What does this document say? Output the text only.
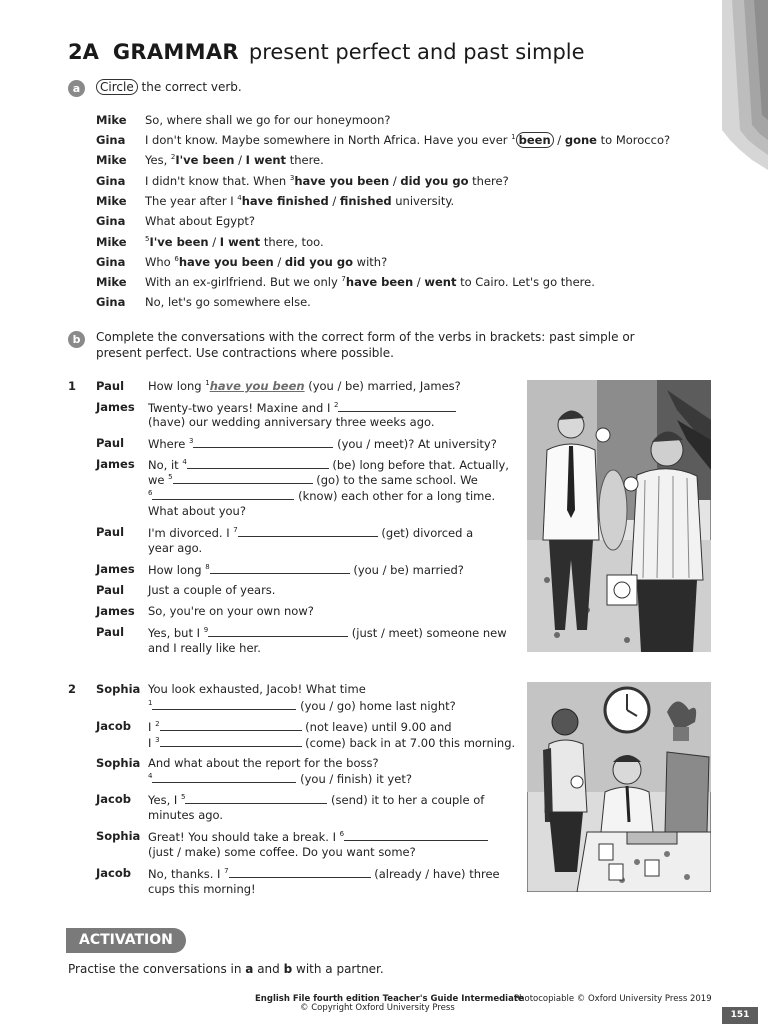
2A GRAMMAR present perfect and past simple
a	Circle the correct verb.
Mike So, where shall we go for our honeymoon?
Gina I don't know. Maybe somewhere in North Africa. Have you ever $^1$ been / gone to Morocco?
Mike Yes, $^2$I've been / I went there.
Gina I didn't know that. When $^3$have you been / did you go there?
Mike The year after I $^4$have finished / finished university.
Gina What about Egypt?
Mike	$^5$I've been / I went there, too.
Gina Who $^6$have you been / did you go with?
Mike With an ex-girlfriend. But we only $^7$have been / went to Cairo. Let's go there.
Gina No, let's go somewhere else.
b	Complete the conversations with the correct form of the verbs in brackets: past simple or
present perfect. Use contractions where possible.
1 Paul How long $^1$have you been (you / be) married, James?
James Twenty-two years! Maxine and I $^2$
(have) our wedding anniversary three weeks ago.
Paul Where $^3$	(you / meet)? At university?
James No, it $^4$	(be) long before that. Actually,
we $^5$	(go) to the same school. We
$^6$	(know) each other for a long time.
What about you?
Paul I'm divorced. I $^7$	(get) divorced a
year ago.
James How long $^8$	(you / be) married?
Paul Just a couple of years.
James So, you're on your own now?
Paul Yes, but I $^9$	(just / meet) someone new
and I really like her.
2 Sophia You look exhausted, Jacob! What time
$^1$	(you / go) home last night?
Jacob I $^2$	(not leave) until 9.00 and
I $^3$	(come) back in at 7.00 this morning.
Sophia And what about the report for the boss?
$^4$	(you / finish) it yet?
Jacob Yes, I $^5$	(send) it to her a couple of
minutes ago.
Sophia Great! You should take a break. I $^6$
(just / make) some coffee. Do you want some?
Jacob No, thanks. I $^7$	(already / have) three
cups this morning!
ACTIVATION
Practise the conversations in a and b with a partner.
English File fourth edition Teacher's Guide Intermediate
Photocopiable © Oxford University Press 2019
© Copyright Oxford University Press
151
